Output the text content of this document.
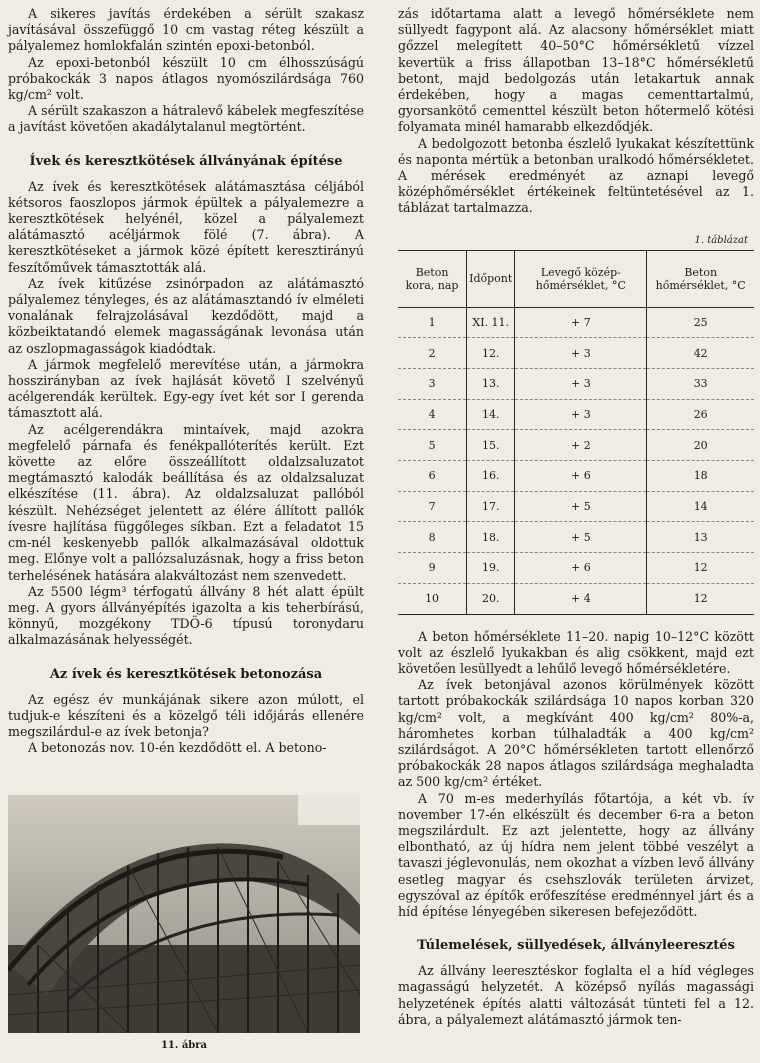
A sikeres javítás érdekében a sérült szakasz javításával összefüggő 10 cm vastag réteg készült a pályalemez homlokfalán szintén epoxi-betonból.

Az epoxi-betonból készült 10 cm élhosszúságú próbakockák 3 napos átlagos nyomószilárdsága 760 kg/cm² volt.

A sérült szakaszon a hátralevő kábelek megfeszítése a javítást követően akadálytalanul megtörtént.

Ívek és keresztkötések állványának építése

Az ívek és keresztkötések alátámasztása céljából kétsoros faoszlopos jármok épültek a pályalemezre a keresztkötések helyénél, közel a pályalemezt alátámasztó acéljármok fölé (7. ábra). A keresztkötéseket a jármok közé épített keresztirányú feszítőművek támasztották alá.

Az ívek kitűzése zsinórpadon az alátámasztó pályalemez tényleges, és az alátámasztandó ív elméleti vonalának felrajzolásával kezdődött, majd a közbeiktatandó elemek magasságának levonása után az oszlopmagasságok kiadódtak.

A jármok megfelelő merevítése után, a jármokra hosszirányban az ívek hajlását követő I szelvényű acélgerendák kerültek. Egy-egy ívet két sor I gerenda támasztott alá.

Az acélgerendákra mintaívek, majd azokra megfelelő párnafa és fenékpallóterítés került. Ezt követte az előre összeállított oldalzsaluzatot megtámasztó kalodák beállítása és az oldalzsaluzat elkészítése (11. ábra). Az oldalzsaluzat pallóból készült. Nehézséget jelentett az élére állított pallók ívesre hajlítása függőleges síkban. Ezt a feladatot 15 cm-nél keskenyebb pallók alkalmazásával oldottuk meg. Előnye volt a pallózsaluzásnak, hogy a friss beton terhelésének hatására alakváltozást nem szenvedett.

Az 5500 légm³ térfogatú állvány 8 hét alatt épült meg. A gyors állványépítés igazolta a kis teherbírású, könnyű, mozgékony TDÖ-6 típusú toronydaru alkalmazásának helyességét.

Az ívek és keresztkötések betonozása

Az egész év munkájának sikere azon múlott, el tudjuk-e készíteni és a közelgő téli időjárás ellenére megszilárdul-e az ívek betonja?

A betonozás nov. 10-én kezdődött el. A betono-

11. ábra

zás időtartama alatt a levegő hőmérséklete nem süllyedt fagypont alá. Az alacsony hőmérséklet miatt gőzzel melegített 40–50°C hőmérsékletű vízzel kevertük a friss állapotban 13–18°C hőmérsékletű betont, majd bedolgozás után letakartuk annak érdekében, hogy a magas cementtartalmú, gyorsankötő cementtel készült beton hőtermelő kötési folyamata minél hamarabb elkezdődjék.

A bedolgozott betonba észlelő lyukakat készítettünk és naponta mértük a betonban uralkodó hőmérsékletet. A mérések eredményét az aznapi levegő középhőmérséklet értékeinek feltüntetésével az 1. táblázat tartalmazza.

1. táblázat
Beton kora, nap	Időpont	Levegő közép-hőmérséklet, °C	Beton hőmérséklet, °C
1	XI. 11.	+ 7	25
2	12.	+ 3	42
3	13.	+ 3	33
4	14.	+ 3	26
5	15.	+ 2	20
6	16.	+ 6	18
7	17.	+ 5	14
8	18.	+ 5	13
9	19.	+ 6	12
10	20.	+ 4	12

A beton hőmérséklete 11–20. napig 10–12°C között volt az észlelő lyukakban és alig csökkent, majd ezt követően lesüllyedt a lehűlő levegő hőmérsékletére.

Az ívek betonjával azonos körülmények között tartott próbakockák szilárdsága 10 napos korban 320 kg/cm² volt, a megkívánt 400 kg/cm² 80%-a, háromhetes korban túlhaladták a 400 kg/cm² szilárdságot. A 20°C hőmérsékleten tartott ellenőrző próbakockák 28 napos átlagos szilárdsága meghaladta az 500 kg/cm² értéket.

A 70 m-es mederhyílás főtartója, a két vb. ív november 17-én elkészült és december 6-ra a beton megszilárdult. Ez azt jelentette, hogy az állvány elbontható, az új hídra nem jelent többé veszélyt a tavaszi jéglevonulás, nem okozhat a vízben levő állvány esetleg magyar és csehszlovák területen árvizet, egyszóval az építők erőfeszítése eredménnyel járt és a híd építése lényegében sikeresen befejeződött.

Túlemelések, süllyedések, állványleeresztés

Az állvány leeresztéskor foglalta el a híd végleges magasságú helyzetét. A középső nyílás magassági helyzetének építés alatti változását tünteti fel a 12. ábra, a pályalemezt alátámasztó jármok ten-
